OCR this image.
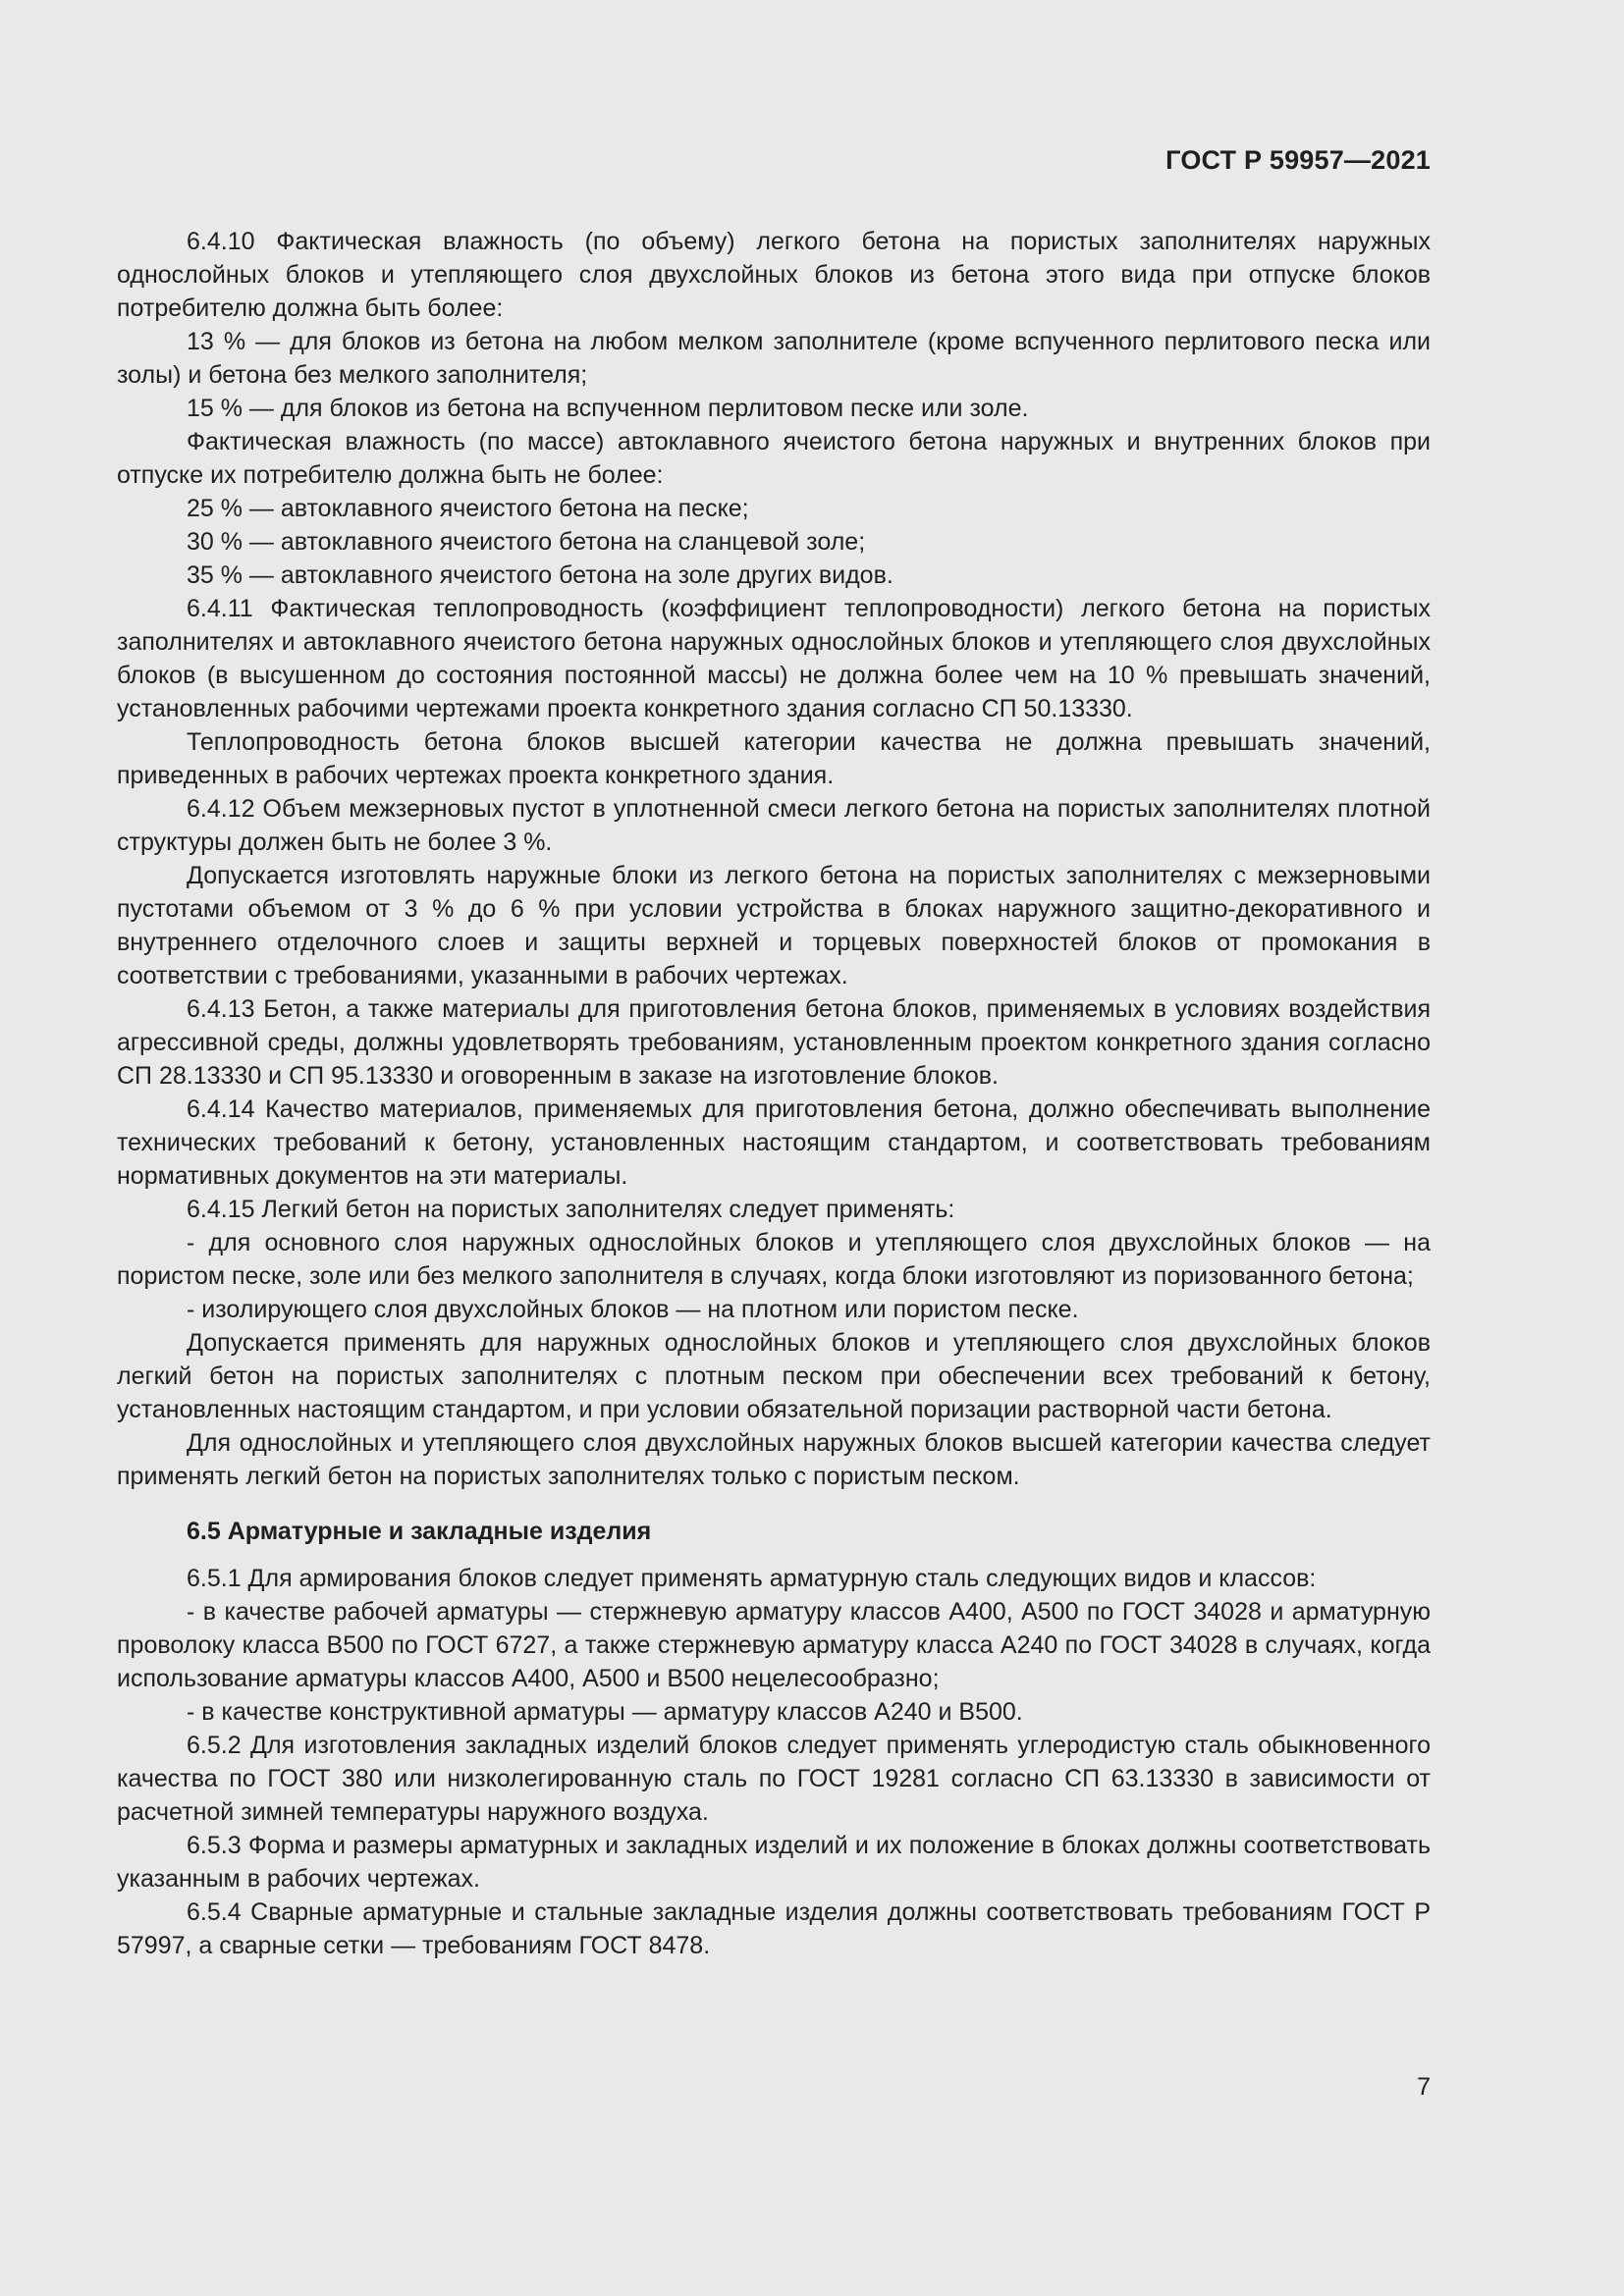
ГОСТ Р 59957—2021

6.4.10 Фактическая влажность (по объему) легкого бетона на пористых заполнителях наружных однослойных блоков и утепляющего слоя двухслойных блоков из бетона этого вида при отпуске блоков потребителю должна быть более:

13 % — для блоков из бетона на любом мелком заполнителе (кроме вспученного перлитового песка или золы) и бетона без мелкого заполнителя;

15 % — для блоков из бетона на вспученном перлитовом песке или золе.

Фактическая влажность (по массе) автоклавного ячеистого бетона наружных и внутренних блоков при отпуске их потребителю должна быть не более:

25 % — автоклавного ячеистого бетона на песке;

30 % — автоклавного ячеистого бетона на сланцевой золе;

35 % — автоклавного ячеистого бетона на золе других видов.

6.4.11 Фактическая теплопроводность (коэффициент теплопроводности) легкого бетона на пористых заполнителях и автоклавного ячеистого бетона наружных однослойных блоков и утепляющего слоя двухслойных блоков (в высушенном до состояния постоянной массы) не должна более чем на 10 % превышать значений, установленных рабочими чертежами проекта конкретного здания согласно СП 50.13330.

Теплопроводность бетона блоков высшей категории качества не должна превышать значений, приведенных в рабочих чертежах проекта конкретного здания.

6.4.12 Объем межзерновых пустот в уплотненной смеси легкого бетона на пористых заполнителях плотной структуры должен быть не более 3 %.

Допускается изготовлять наружные блоки из легкого бетона на пористых заполнителях с межзерновыми пустотами объемом от 3 % до 6 % при условии устройства в блоках наружного защитно-декоративного и внутреннего отделочного слоев и защиты верхней и торцевых поверхностей блоков от промокания в соответствии с требованиями, указанными в рабочих чертежах.

6.4.13 Бетон, а также материалы для приготовления бетона блоков, применяемых в условиях воздействия агрессивной среды, должны удовлетворять требованиям, установленным проектом конкретного здания согласно СП 28.13330 и СП 95.13330 и оговоренным в заказе на изготовление блоков.

6.4.14 Качество материалов, применяемых для приготовления бетона, должно обеспечивать выполнение технических требований к бетону, установленных настоящим стандартом, и соответствовать требованиям нормативных документов на эти материалы.

6.4.15 Легкий бетон на пористых заполнителях следует применять:

- для основного слоя наружных однослойных блоков и утепляющего слоя двухслойных блоков — на пористом песке, золе или без мелкого заполнителя в случаях, когда блоки изготовляют из поризованного бетона;

- изолирующего слоя двухслойных блоков — на плотном или пористом песке.

Допускается применять для наружных однослойных блоков и утепляющего слоя двухслойных блоков легкий бетон на пористых заполнителях с плотным песком при обеспечении всех требований к бетону, установленных настоящим стандартом, и при условии обязательной поризации растворной части бетона.

Для однослойных и утепляющего слоя двухслойных наружных блоков высшей категории качества следует применять легкий бетон на пористых заполнителях только с пористым песком.

6.5 Арматурные и закладные изделия

6.5.1 Для армирования блоков следует применять арматурную сталь следующих видов и классов:

- в качестве рабочей арматуры — стержневую арматуру классов А400, А500 по ГОСТ 34028 и арматурную проволоку класса В500 по ГОСТ 6727, а также стержневую арматуру класса А240 по ГОСТ 34028 в случаях, когда использование арматуры классов А400, А500 и В500 нецелесообразно;

- в качестве конструктивной арматуры — арматуру классов А240 и В500.

6.5.2 Для изготовления закладных изделий блоков следует применять углеродистую сталь обыкновенного качества по ГОСТ 380 или низколегированную сталь по ГОСТ 19281 согласно СП 63.13330 в зависимости от расчетной зимней температуры наружного воздуха.

6.5.3 Форма и размеры арматурных и закладных изделий и их положение в блоках должны соответствовать указанным в рабочих чертежах.

6.5.4 Сварные арматурные и стальные закладные изделия должны соответствовать требованиям ГОСТ Р 57997, а сварные сетки — требованиям ГОСТ 8478.

7
